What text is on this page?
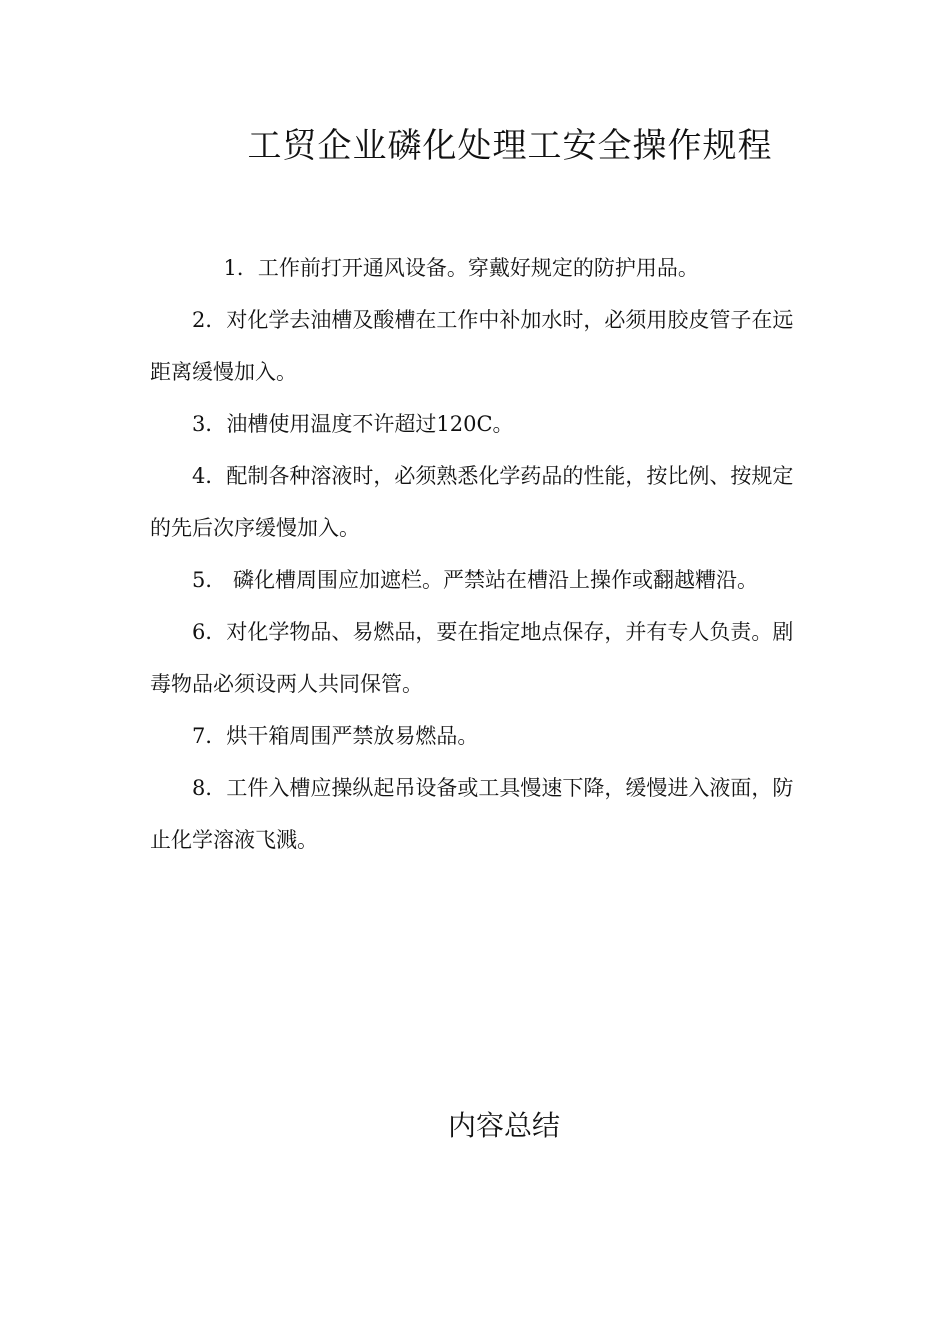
工贸企业磷化处理工安全操作规程

1．工作前打开通风设备。穿戴好规定的防护用品。

2．对化学去油槽及酸槽在工作中补加水时，必须用胶皮管子在远距离缓慢加入。

3．油槽使用温度不许超过120C。

4．配制各种溶液时，必须熟悉化学药品的性能，按比例、按规定的先后次序缓慢加入。

5． 磷化槽周围应加遮栏。严禁站在槽沿上操作或翻越糟沿。

6．对化学物品、易燃品，要在指定地点保存，并有专人负责。剧毒物品必须设两人共同保管。

7．烘干箱周围严禁放易燃品。

8．工件入槽应操纵起吊设备或工具慢速下降，缓慢进入液面，防止化学溶液飞溅。

内容总结
